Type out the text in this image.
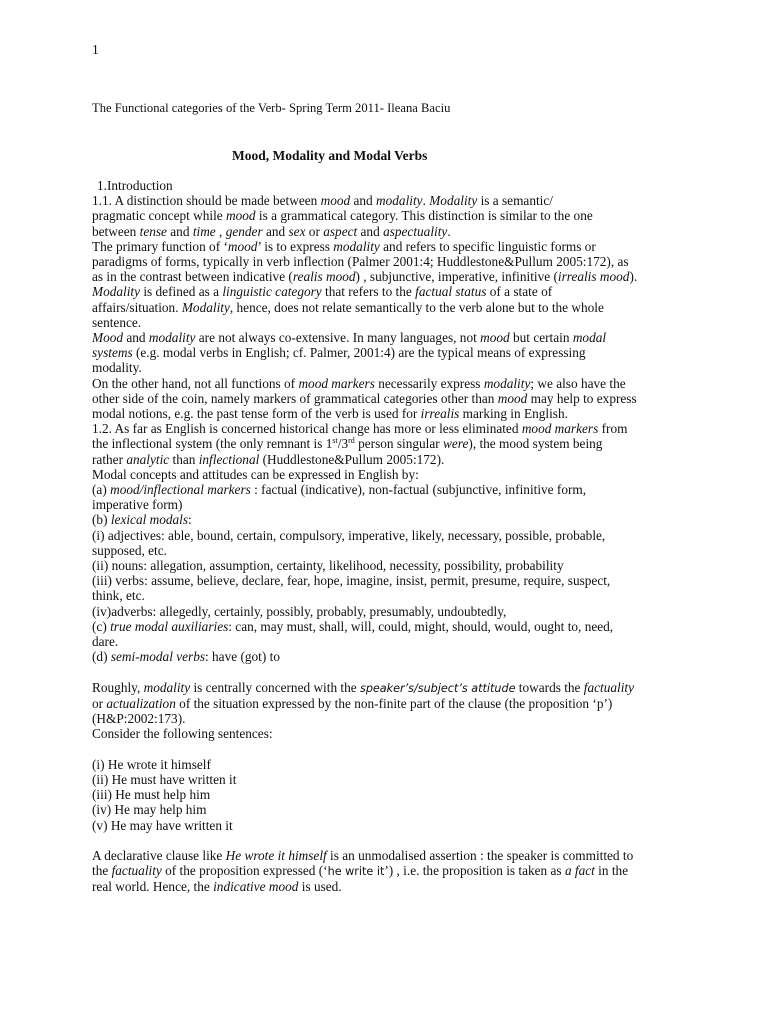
1
The Functional categories of the Verb- Spring Term 2011- Ileana Baciu
Mood, Modality and Modal Verbs
1.Introduction
1.1. A distinction should be made between mood and modality. Modality is a semantic/
pragmatic concept while mood is a grammatical category. This distinction is similar to the one
between tense and time , gender and sex or aspect and aspectuality.
The primary function of ‘mood’ is to express modality and refers to specific linguistic forms or
paradigms of forms, typically in verb inflection (Palmer 2001:4; Huddlestone&Pullum 2005:172), as
as in the contrast between indicative (realis mood) , subjunctive, imperative, infinitive (irrealis mood).
Modality is defined as a linguistic category that refers to the factual status of a state of
affairs/situation. Modality, hence, does not relate semantically to the verb alone but to the whole
sentence.
Mood and modality are not always co-extensive. In many languages, not mood but certain modal
systems (e.g. modal verbs in English; cf. Palmer, 2001:4) are the typical means of expressing
modality.
On the other hand, not all functions of mood markers necessarily express modality; we also have the
other side of the coin, namely markers of grammatical categories other than mood may help to express
modal notions, e.g. the past tense form of the verb is used for irrealis marking in English.
1.2. As far as English is concerned historical change has more or less eliminated mood markers from
the inflectional system (the only remnant is 1st/3rd person singular were), the mood system being
rather analytic than inflectional (Huddlestone&Pullum 2005:172).
Modal concepts and attitudes can be expressed in English by:
(a) mood/inflectional markers : factual (indicative), non-factual (subjunctive, infinitive form,
imperative form)
(b) lexical modals:
(i) adjectives: able, bound, certain, compulsory, imperative, likely, necessary, possible, probable,
supposed, etc.
(ii) nouns: allegation, assumption, certainty, likelihood, necessity, possibility, probability
(iii) verbs: assume, believe, declare, fear, hope, imagine, insist, permit, presume, require, suspect,
think, etc.
(iv)adverbs: allegedly, certainly, possibly, probably, presumably, undoubtedly,
(c) true modal auxiliaries: can, may must, shall, will, could, might, should, would, ought to, need,
dare.
(d) semi-modal verbs: have (got) to
Roughly, modality is centrally concerned with the speaker’s/subject’s attitude towards the factuality
or actualization of the situation expressed by the non-finite part of the clause (the proposition ‘p’)
(H&P:2002:173).
Consider the following sentences:
(i) He wrote it himself
(ii) He must have written it
(iii) He must help him
(iv) He may help him
(v) He may have written it
A declarative clause like He wrote it himself is an unmodalised assertion : the speaker is committed to
the factuality of the proposition expressed (‘he write it’) , i.e. the proposition is taken as a fact in the
real world. Hence, the indicative mood is used.
